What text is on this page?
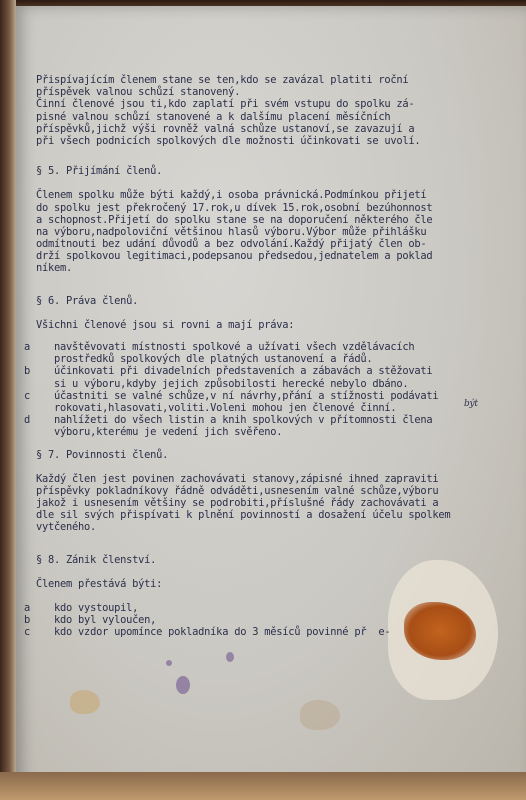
Přispívajícím členem stane se ten,kdo se zavázal platiti roční
příspěvek valnou schůzí stanovený.
Činní členové jsou ti,kdo zaplatí při svém vstupu do spolku zá-
pisné valnou schůzí stanovené a k dalšímu placení měsíčních
příspěvků,jichž výši rovněž valná schůze ustanoví,se zavazují a
při všech podnicích spolkových dle možnosti účinkovati se uvolí.
§ 5. Přijímání členů.
Členem spolku může býti každý,i osoba právnická.Podmínkou přijetí
do spolku jest překročený 17.rok,u dívek 15.rok,osobní bezúhonnost
a schopnost.Přijetí do spolku stane se na doporučení některého čle
na výboru,nadpoloviční většinou hlasů výboru.Výbor může přihlášku
odmítnouti bez udání důvodů a bez odvolání.Každý přijatý člen ob-
drží spolkovou legitimaci,podepsanou předsedou,jednatelem a poklad
níkem.
§ 6. Práva členů.
Všichni členové jsou si rovni a mají práva:
a navštěvovati místnosti spolkové a užívati všech vzdělávacích
prostředků spolkových dle platných ustanovení a řádů.
b účinkovati při divadelních představeních a zábavách a stěžovati
si u výboru,kdyby jejich způsobilosti herecké nebylo dbáno.
c účastniti se valné schůze,v ní návrhy,přání a stížnosti podávati
rokovati,hlasovati,voliti.Voleni mohou jen členové činní.	být
d nahlížeti do všech listin a knih spolkových v přítomnosti člena
výboru,kterému je vedení jich svěřeno.
§ 7. Povinnosti členů.
Každý člen jest povinen zachovávati stanovy,zápisné ihned zapraviti
příspěvky pokladníkovy řádně odváděti,usnesením valné schůze,výboru
jakož i usnesením většiny se podrobiti,příslušné řády zachovávati a
dle sil svých přispívati k plnění povinností a dosažení účelu spolkem
vytčeného.
§ 8. Zánik členství.
Členem přestává býti:
a kdo vystoupil,
b kdo byl vyloučen,
c kdo vzdor upomínce pokladníka do 3 měsíců povinné př  e-
